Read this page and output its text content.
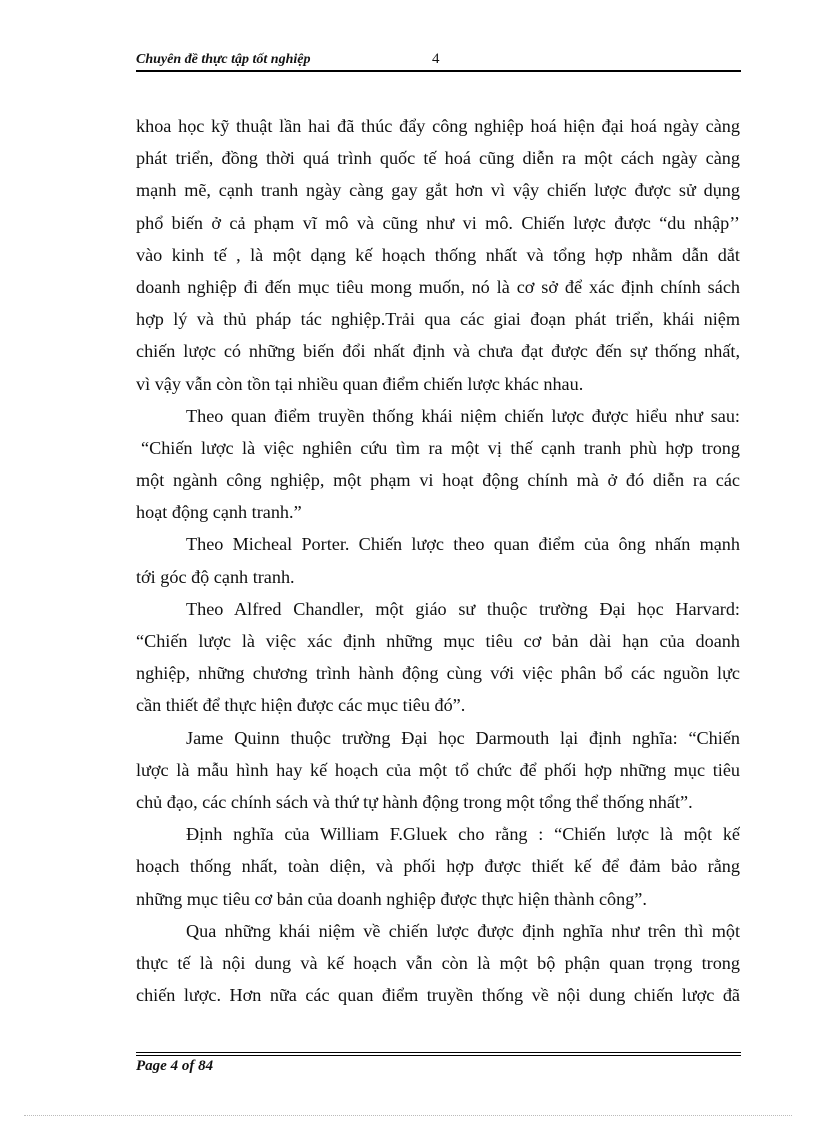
Chuyên đề thực tập tốt nghiệp	4
khoa học kỹ thuật lần hai đã thúc đẩy công nghiệp hoá hiện đại hoá ngày càng
phát triển, đồng thời quá trình quốc tế hoá cũng diễn ra một cách ngày càng
mạnh mẽ, cạnh tranh ngày càng gay gắt hơn vì vậy chiến lược được sử dụng
phổ biến ở cả phạm vĩ mô và cũng như vi mô. Chiến lược được “du nhập’’
vào kinh tế , là một dạng kế hoạch thống nhất và tổng hợp nhằm dẫn dắt
doanh nghiệp đi đến mục tiêu mong muốn, nó là cơ sở để xác định chính sách
hợp lý và thủ pháp tác nghiệp.Trải qua các giai đoạn phát triển, khái niệm
chiến lược có những biến đổi nhất định và chưa đạt được đến sự thống nhất,
vì vậy vẫn còn tồn tại nhiều quan điểm chiến lược khác nhau.
Theo quan điểm truyền thống khái niệm chiến lược được hiểu như sau:
“Chiến lược là việc nghiên cứu tìm ra một vị thế cạnh tranh phù hợp trong
một ngành công nghiệp, một phạm vi hoạt động chính mà ở đó diễn ra các
hoạt động cạnh tranh.”
Theo Micheal Porter. Chiến lược theo quan điểm của ông nhấn mạnh
tới góc độ cạnh tranh.
Theo Alfred Chandler, một giáo sư thuộc trường Đại học Harvard:
“Chiến lược là việc xác định những mục tiêu cơ bản dài hạn của doanh
nghiệp, những chương trình hành động cùng với việc phân bổ các nguồn lực
cần thiết để thực hiện được các mục tiêu đó”.
Jame Quinn thuộc trường Đại học Darmouth lại định nghĩa: “Chiến
lược là mẫu hình hay kế hoạch của một tổ chức để phối hợp những mục tiêu
chủ đạo, các chính sách và thứ tự hành động trong một tổng thể thống nhất”.
Định nghĩa của William F.Gluek cho rằng : “Chiến lược là một kế
hoạch thống nhất, toàn diện, và phối hợp được thiết kế để đảm bảo rằng
những mục tiêu cơ bản của doanh nghiệp được thực hiện thành công”.
Qua những khái niệm về chiến lược được định nghĩa như trên thì một
thực tế là nội dung và kế hoạch vẫn còn là một bộ phận quan trọng trong
chiến lược. Hơn nữa các quan điểm truyền thống về nội dung chiến lược đã
Page 4 of 84
